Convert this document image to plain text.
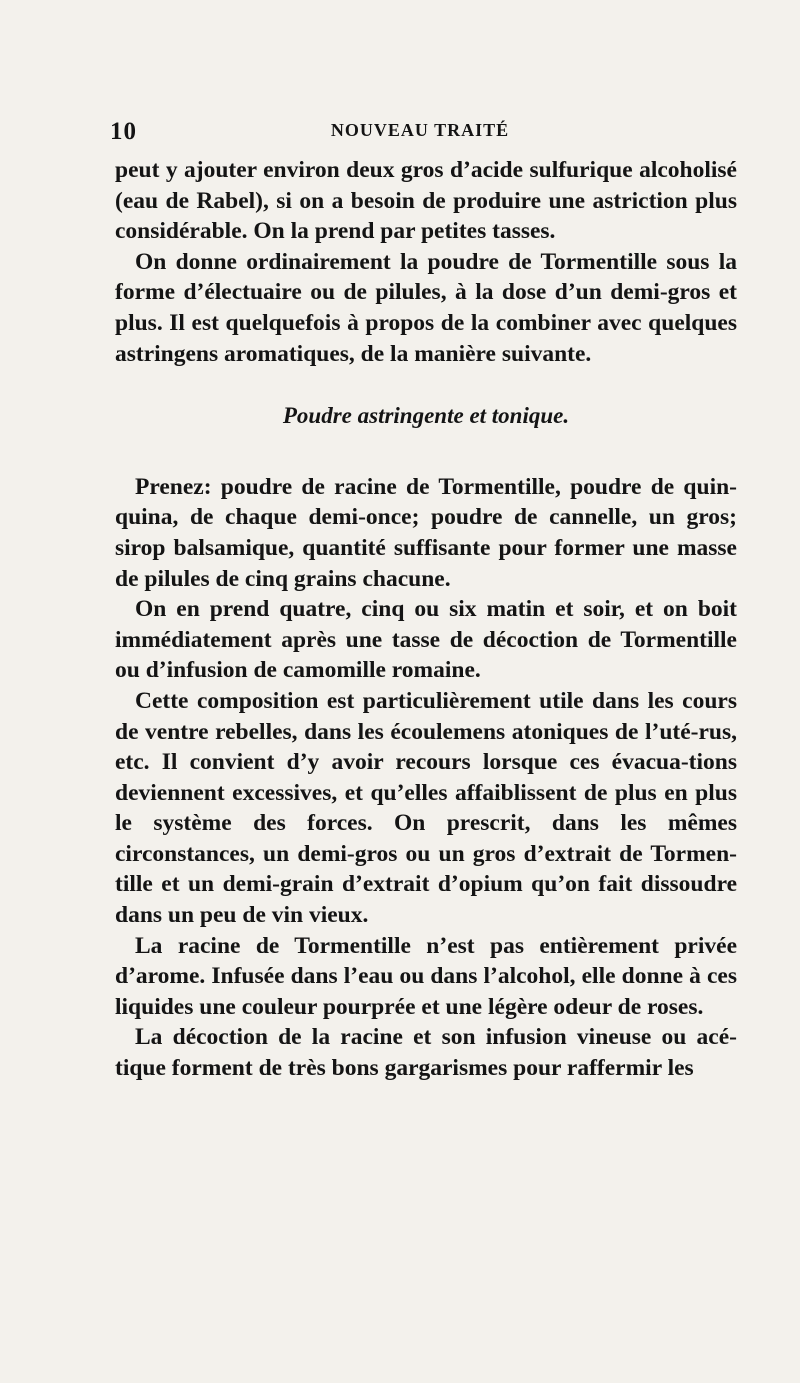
10	NOUVEAU TRAITÉ

peut y ajouter environ deux gros d’acide sulfurique alcoholisé (eau de Rabel), si on a besoin de produire une astriction plus considérable. On la prend par petites tasses.

On donne ordinairement la poudre de Tormentille sous la forme d’électuaire ou de pilules, à la dose d’un demi-gros et plus. Il est quelquefois à propos de la combiner avec quelques astringens aromatiques, de la manière suivante.

Poudre astringente et tonique.

Prenez: poudre de racine de Tormentille, poudre de quin-quina, de chaque demi-once; poudre de cannelle, un gros; sirop balsamique, quantité suffisante pour former une masse de pilules de cinq grains chacune.

On en prend quatre, cinq ou six matin et soir, et on boit immédiatement après une tasse de décoction de Tormentille ou d’infusion de camomille romaine.

Cette composition est particulièrement utile dans les cours de ventre rebelles, dans les écoulemens atoniques de l’uté-rus, etc. Il convient d’y avoir recours lorsque ces évacua-tions deviennent excessives, et qu’elles affaiblissent de plus en plus le système des forces. On prescrit, dans les mêmes circonstances, un demi-gros ou un gros d’extrait de Tormen-tille et un demi-grain d’extrait d’opium qu’on fait dissoudre dans un peu de vin vieux.

La racine de Tormentille n’est pas entièrement privée d’arome. Infusée dans l’eau ou dans l’alcohol, elle donne à ces liquides une couleur pourprée et une légère odeur de roses.

La décoction de la racine et son infusion vineuse ou acé-tique forment de très bons gargarismes pour raffermir les
